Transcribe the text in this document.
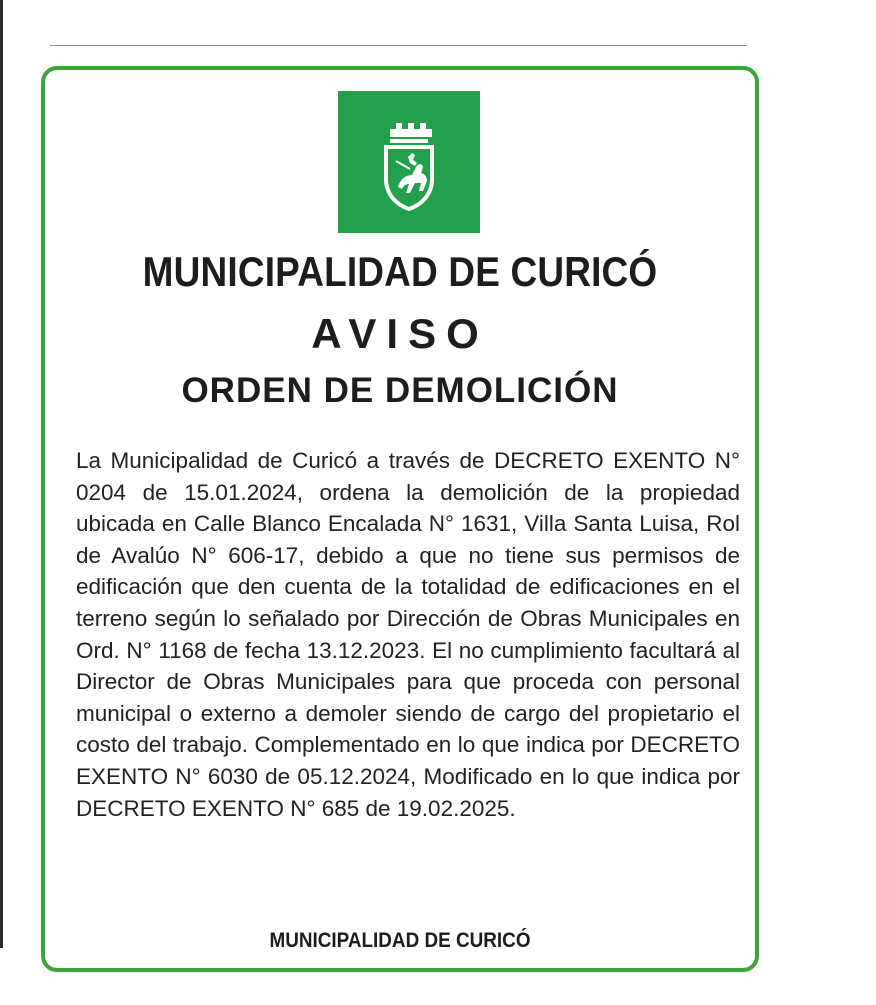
MUNICIPALIDAD DE CURICÓ
AVISO
ORDEN DE DEMOLICIÓN

La Municipalidad de Curicó a través de DECRETO EXENTO N° 0204 de 15.01.2024, ordena la demolición de la propiedad ubicada en Calle Blanco Encalada N° 1631, Villa Santa Luisa, Rol de Avalúo N° 606-17, debido a que no tiene sus permisos de edificación que den cuenta de la totalidad de edificaciones en el terreno según lo señalado por Dirección de Obras Municipales en Ord. N° 1168 de fecha 13.12.2023. El no cumplimiento facultará al Director de Obras Municipales para que proceda con personal municipal o externo a demoler siendo de cargo del propietario el costo del trabajo. Complementado en lo que indica por DECRETO EXENTO N° 6030 de 05.12.2024, Modificado en lo que indica por DECRETO EXENTO N° 685 de 19.02.2025.

MUNICIPALIDAD DE CURICÓ
